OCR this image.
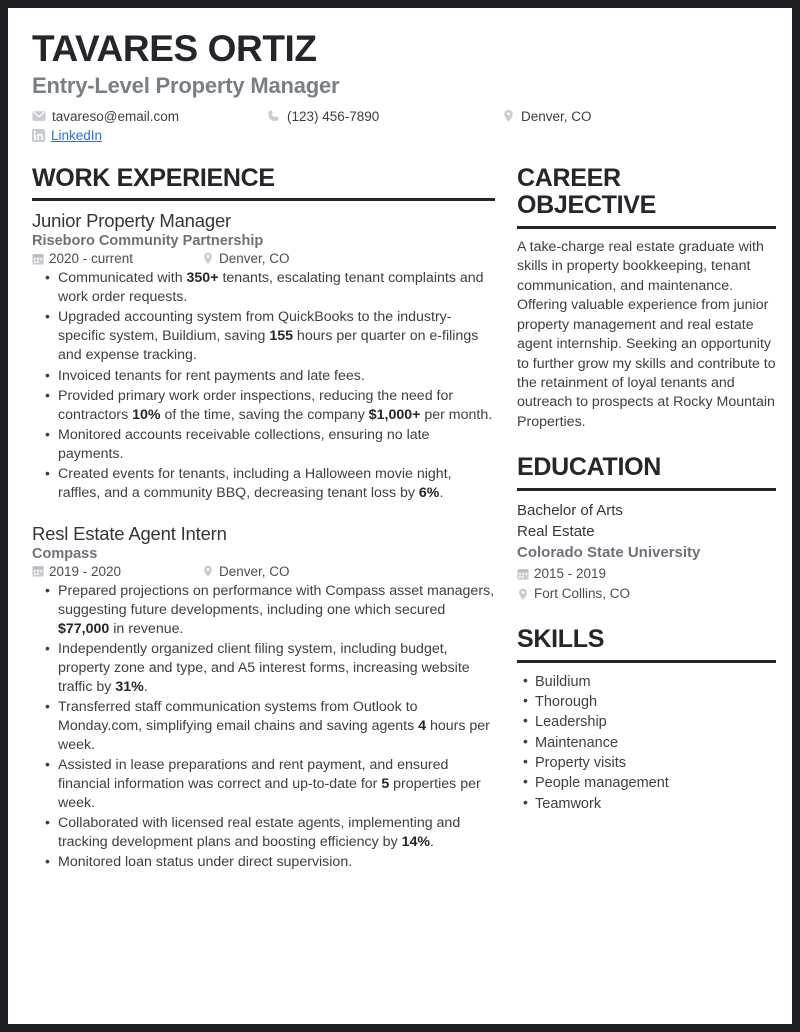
TAVARES ORTIZ
Entry-Level Property Manager
tavareso@email.com	(123) 456-7890	Denver, CO
LinkedIn
WORK EXPERIENCE
Junior Property Manager
Riseboro Community Partnership
2020 - current	Denver, CO
• Communicated with 350+ tenants, escalating tenant complaints and work order requests.
• Upgraded accounting system from QuickBooks to the industry-specific system, Buildium, saving 155 hours per quarter on e-filings and expense tracking.
• Invoiced tenants for rent payments and late fees.
• Provided primary work order inspections, reducing the need for contractors 10% of the time, saving the company $1,000+ per month.
• Monitored accounts receivable collections, ensuring no late payments.
• Created events for tenants, including a Halloween movie night, raffles, and a community BBQ, decreasing tenant loss by 6%.
Resl Estate Agent Intern
Compass
2019 - 2020	Denver, CO
• Prepared projections on performance with Compass asset managers, suggesting future developments, including one which secured $77,000 in revenue.
• Independently organized client filing system, including budget, property zone and type, and A5 interest forms, increasing website traffic by 31%.
• Transferred staff communication systems from Outlook to Monday.com, simplifying email chains and saving agents 4 hours per week.
• Assisted in lease preparations and rent payment, and ensured financial information was correct and up-to-date for 5 properties per week.
• Collaborated with licensed real estate agents, implementing and tracking development plans and boosting efficiency by 14%.
• Monitored loan status under direct supervision.
CAREER
OBJECTIVE
A take-charge real estate graduate with skills in property bookkeeping, tenant communication, and maintenance. Offering valuable experience from junior property management and real estate agent internship. Seeking an opportunity to further grow my skills and contribute to the retainment of loyal tenants and outreach to prospects at Rocky Mountain Properties.
EDUCATION
Bachelor of Arts
Real Estate
Colorado State University
2015 - 2019
Fort Collins, CO
SKILLS
• Buildium
• Thorough
• Leadership
• Maintenance
• Property visits
• People management
• Teamwork
